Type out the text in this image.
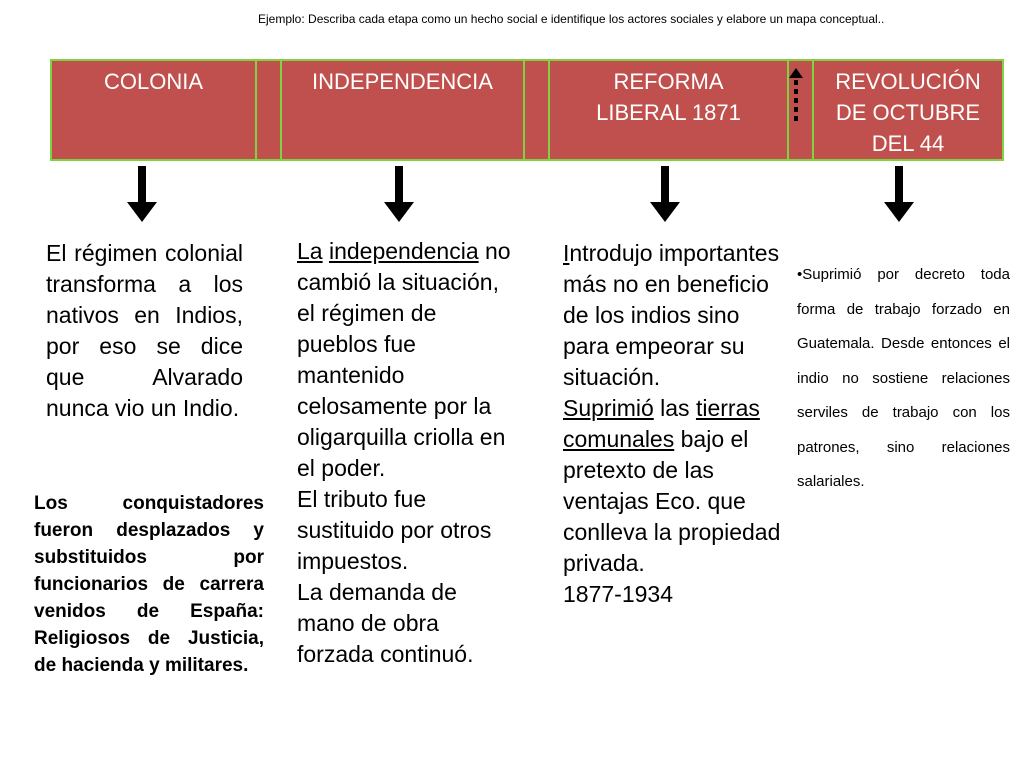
Ejemplo: Describa cada etapa como un hecho social e identifique los actores sociales y elabore un mapa conceptual..
COLONIA	INDEPENDENCIA	REFORMA
LIBERAL 1871
REVOLUCIÓN
DE OCTUBRE
DEL 44
El régimen colonial transforma a los nativos en Indios, por eso se dice que Alvarado nunca vio un Indio.
Los conquistadores fueron desplazados y substituidos por funcionarios de carrera venidos de España: Religiosos de Justicia, de hacienda y militares.
La independencia no cambió la situación, el régimen de pueblos fue mantenido celosamente por la oligarquilla criolla en el poder.
El tributo fue sustituido por otros impuestos.
La demanda de mano de obra forzada continuó.
Introdujo importantes más no en beneficio de los indios sino para empeorar su situación.
Suprimió las tierras comunales bajo el pretexto de las ventajas Eco. que conlleva la propiedad privada.
1877-1934
•Suprimió por decreto toda forma de trabajo forzado en Guatemala. Desde entonces el indio no sostiene relaciones serviles de trabajo con los patrones, sino relaciones salariales.
